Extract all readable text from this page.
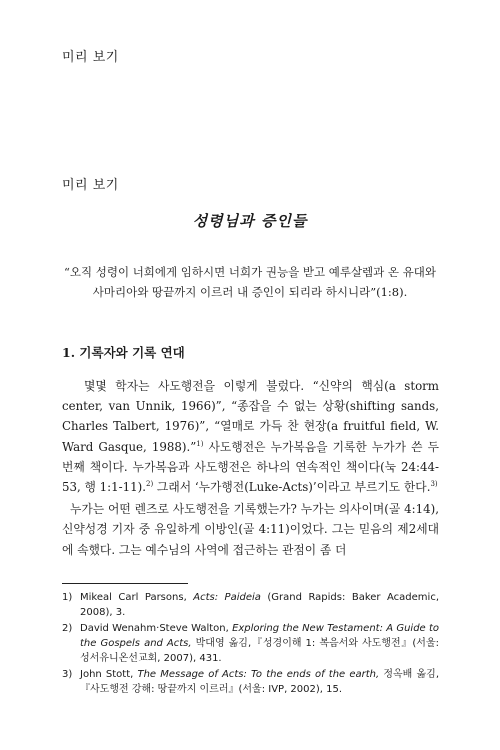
미리 보기
미리 보기
성령님과 증인들
“오직 성령이 너희에게 임하시면 너희가 권능을 받고 예루살렘과 온 유대와 사마리아와 땅끝까지 이르러 내 증인이 되리라 하시니라”(1:8).
1. 기록자와 기록 연대

몇몇 학자는 사도행전을 이렇게 불렀다. “신약의 핵심(a storm center, van Unnik, 1966)”, “종잡을 수 없는 상황(shifting sands, Charles Talbert, 1976)”, “열매로 가득 찬 현장(a fruitful field, W. Ward Gasque, 1988).”$^{1)}$ 사도행전은 누가복음을 기록한 누가가 쓴 두 번째 책이다. 누가복음과 사도행전은 하나의 연속적인 책이다(눅 24:44-53, 행 1:1-11).$^{2)}$ 그래서 ‘누가행전(Luke-Acts)’이라고 부르기도 한다.$^{3)}$

누가는 어떤 렌즈로 사도행전을 기록했는가? 누가는 의사이며(골 4:14), 신약성경 기자 중 유일하게 이방인(골 4:11)이었다. 그는 믿음의 제2세대에 속했다. 그는 예수님의 사역에 접근하는 관점이 좀 더

1) Mikeal Carl Parsons, Acts: Paideia (Grand Rapids: Baker Academic, 2008), 3.
2) David Wenahm·Steve Walton, Exploring the New Testament: A Guide to the Gospels and Acts, 박대영 옮김,『성경이해 1: 복음서와 사도행전』(서울: 성서유니온선교회, 2007), 431.
3) John Stott, The Message of Acts: To the ends of the earth, 정옥배 옮김,『사도행전 강해: 땅끝까지 이르러』(서울: IVP, 2002), 15.
